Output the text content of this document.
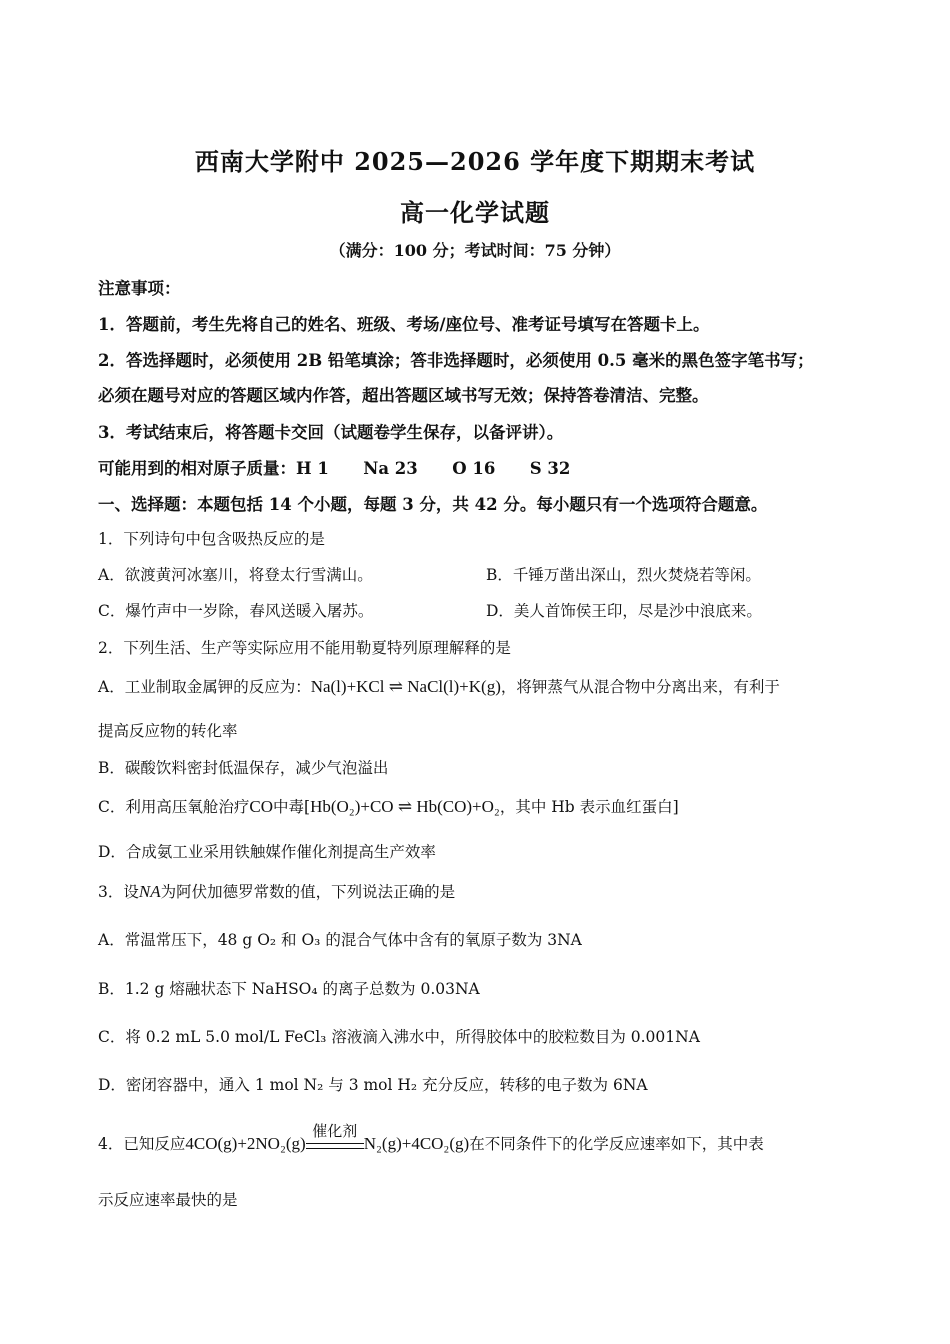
西南大学附中 2025—2026 学年度下期期末考试
高一化学试题
（满分：100 分；考试时间：75 分钟）
注意事项：
1．答题前，考生先将自己的姓名、班级、考场/座位号、准考证号填写在答题卡上。
2．答选择题时，必须使用 2B 铅笔填涂；答非选择题时，必须使用 0.5 毫米的黑色签字笔书写；
必须在题号对应的答题区域内作答，超出答题区域书写无效；保持答卷清洁、完整。
3．考试结束后，将答题卡交回（试题卷学生保存，以备评讲）。
可能用到的相对原子质量：H 1      Na 23      O 16      S 32
一、选择题：本题包括 14 个小题，每题 3 分，共 42 分。每小题只有一个选项符合题意。
1．下列诗句中包含吸热反应的是
A．欲渡黄河冰塞川，将登太行雪满山。	B．千锤万凿出深山，烈火焚烧若等闲。
C．爆竹声中一岁除，春风送暖入屠苏。	D．美人首饰侯王印，尽是沙中浪底来。
2．下列生活、生产等实际应用不能用勒夏特列原理解释的是
A．工业制取金属钾的反应为：Na(l)+KCl ⇌ NaCl(l)+K(g)，将钾蒸气从混合物中分离出来，有利于
提高反应物的转化率
B．碳酸饮料密封低温保存，减少气泡溢出
C．利用高压氧舱治疗CO中毒[Hb(O₂)+CO ⇌ Hb(CO)+O₂，其中 Hb 表示血红蛋白]
D．合成氨工业采用铁触媒作催化剂提高生产效率
3．设NA为阿伏加德罗常数的值，下列说法正确的是
A．常温常压下，48 g O₂ 和 O₃ 的混合气体中含有的氧原子数为 3NA
B．1.2 g 熔融状态下 NaHSO₄ 的离子总数为 0.03NA
C．将 0.2 mL 5.0 mol/L FeCl₃ 溶液滴入沸水中，所得胶体中的胶粒数目为 0.001NA
D．密闭容器中，通入 1 mol N₂ 与 3 mol H₂ 充分反应，转移的电子数为 6NA
4．已知反应4CO(g)+2NO₂(g)
催化剂
N₂(g)+4CO₂(g)在不同条件下的化学反应速率如下，其中表
示反应速率最快的是
